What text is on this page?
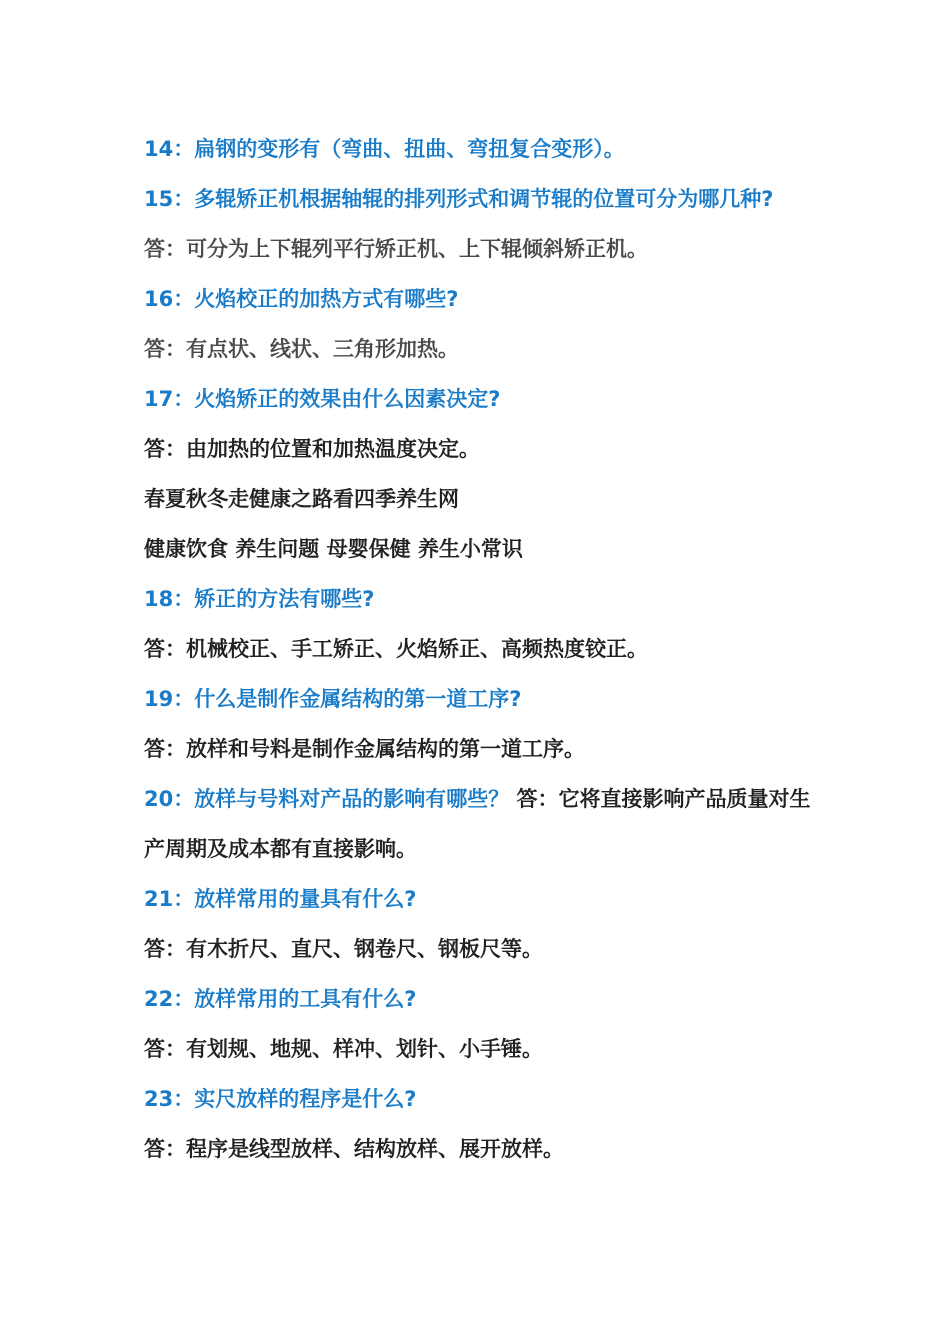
14：扁钢的变形有（弯曲、扭曲、弯扭复合变形）。
15：多辊矫正机根据轴辊的排列形式和调节辊的位置可分为哪几种?
答：可分为上下辊列平行矫正机、上下辊倾斜矫正机。
16：火焰校正的加热方式有哪些?
答：有点状、线状、三角形加热。
17：火焰矫正的效果由什么因素决定?
答：由加热的位置和加热温度决定。
春夏秋冬走健康之路看四季养生网
健康饮食 养生问题 母婴保健 养生小常识
18：矫正的方法有哪些?
答：机械校正、手工矫正、火焰矫正、高频热度铰正。
19：什么是制作金属结构的第一道工序?
答：放样和号料是制作金属结构的第一道工序。
20：放样与号料对产品的影响有哪些？ 答：它将直接影响产品质量对生产周期及成本都有直接影响。
21：放样常用的量具有什么?
答：有木折尺、直尺、钢卷尺、钢板尺等。
22：放样常用的工具有什么?
答：有划规、地规、样冲、划针、小手锤。
23：实尺放样的程序是什么?
答：程序是线型放样、结构放样、展开放样。
